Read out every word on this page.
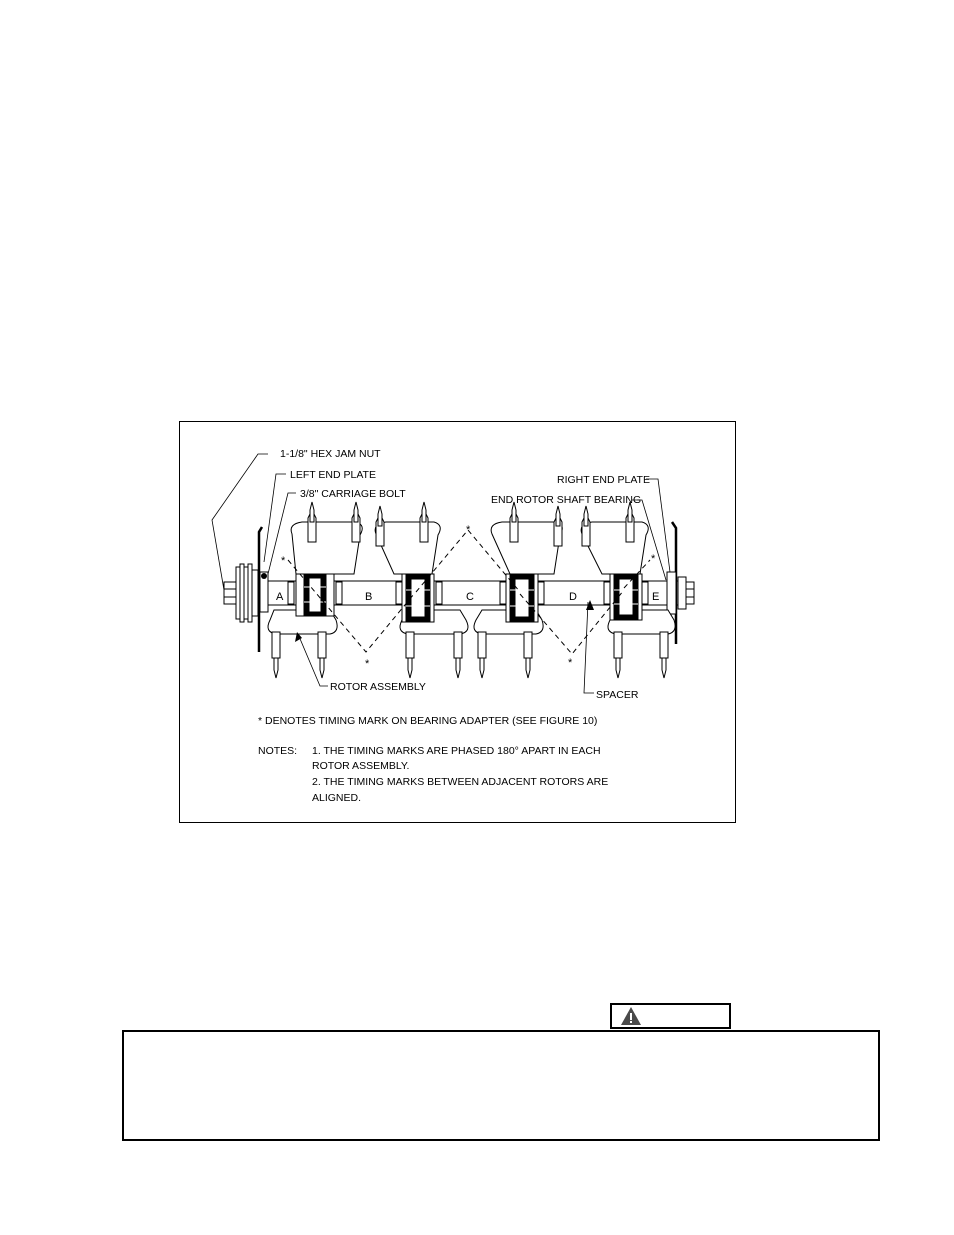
1-1/8" HEX JAM NUT
LEFT END PLATE
3/8" CARRIAGE BOLT
RIGHT END PLATE
END ROTOR SHAFT BEARING
ROTOR ASSEMBLY
SPACER
A	B	C	D	E
*
*
*
*
*
* DENOTES TIMING MARK ON BEARING ADAPTER (SEE FIGURE 10)
NOTES: 1. THE TIMING MARKS ARE PHASED 180° APART IN EACH
ROTOR ASSEMBLY.
2. THE TIMING MARKS BETWEEN ADJACENT ROTORS ARE
ALIGNED.
